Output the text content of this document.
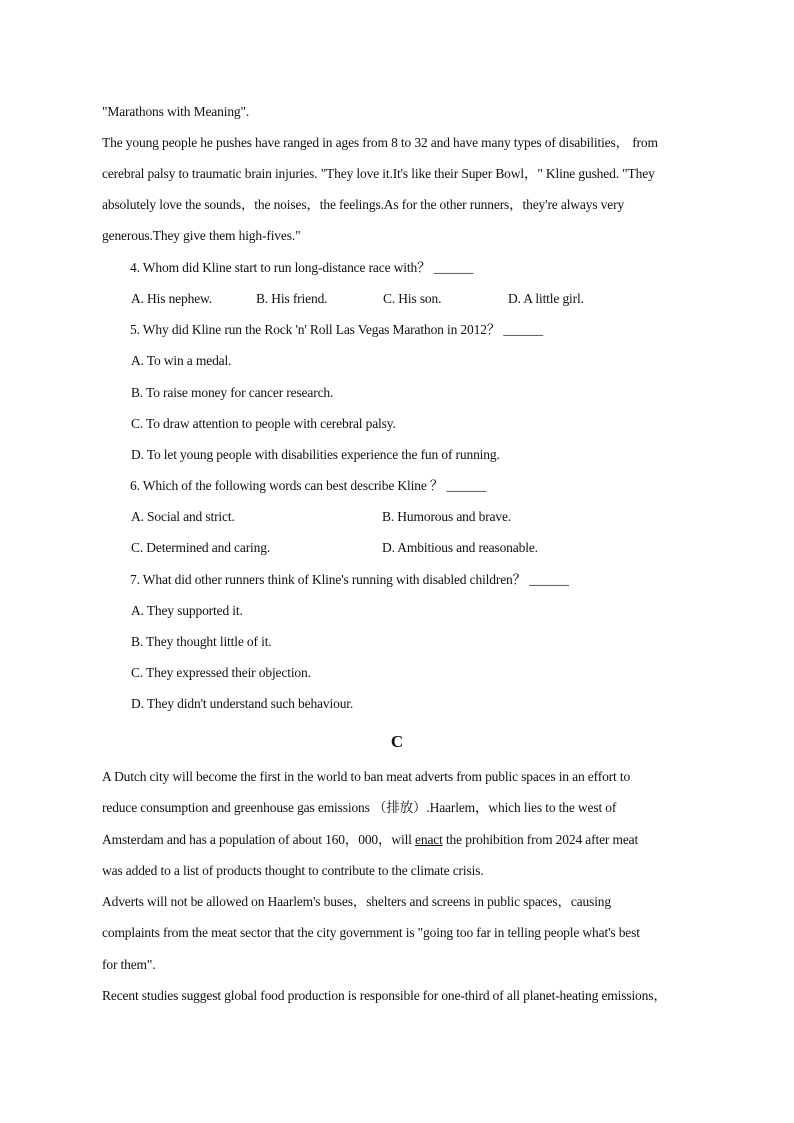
"Marathons with Meaning".
The young people he pushes have ranged in ages from 8 to 32 and have many types of disabilities， from
cerebral palsy to traumatic brain injuries. "They love it.It's like their Super Bowl，" Kline gushed. "They
absolutely love the sounds，the noises，the feelings.As for the other runners，they're always very
generous.They give them high-fives."
4. Whom did Kline start to run long-distance race with？ ______
A. His nephew.	B. His friend.	C. His son.	D. A little girl.
5. Why did Kline run the Rock 'n' Roll Las Vegas Marathon in 2012？ ______
A. To win a medal.
B. To raise money for cancer research.
C. To draw attention to people with cerebral palsy.
D. To let young people with disabilities experience the fun of running.
6. Which of the following words can best describe Kline ？ ______
A. Social and strict.	B. Humorous and brave.
C. Determined and caring.	D. Ambitious and reasonable.
7. What did other runners think of Kline's running with disabled children？ ______
A. They supported it.
B. They thought little of it.
C. They expressed their objection.
D. They didn't understand such behaviour.
C
A Dutch city will become the first in the world to ban meat adverts from public spaces in an effort to
reduce consumption and greenhouse gas emissions （排放）.Haarlem，which lies to the west of
Amsterdam and has a population of about 160，000，will enact the prohibition from 2024 after meat
was added to a list of products thought to contribute to the climate crisis.
Adverts will not be allowed on Haarlem's buses，shelters and screens in public spaces，causing
complaints from the meat sector that the city government is "going too far in telling people what's best
for them".
Recent studies suggest global food production is responsible for one-third of all planet-heating emissions，
